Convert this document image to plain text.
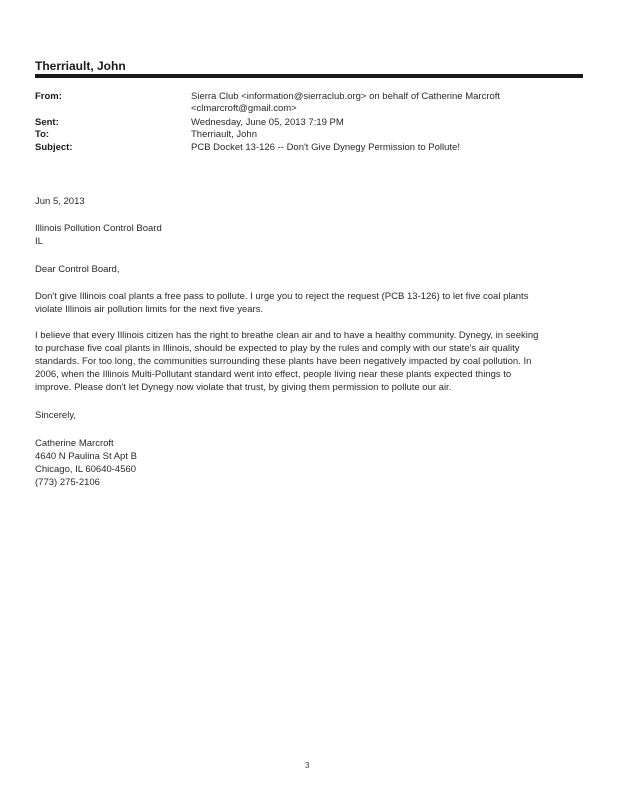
Therriault, John
From:	Sierra Club <information@sierraclub.org> on behalf of Catherine Marcroft
<clmarcroft@gmail.com>
Sent:	Wednesday, June 05, 2013 7:19 PM
To:	Therriault, John
Subject:	PCB Docket 13-126 -- Don't Give Dynegy Permission to Pollute!
Jun 5, 2013
Illinois Pollution Control Board
IL
Dear Control Board,
Don't give Illinois coal plants a free pass to pollute. I urge you to reject the request (PCB 13-126) to let five coal plants
violate Illinois air pollution limits for the next five years.
I believe that every Illinois citizen has the right to breathe clean air and to have a healthy community. Dynegy, in seeking
to purchase five coal plants in Illinois, should be expected to play by the rules and comply with our state's air quality
standards. For too long, the communities surrounding these plants have been negatively impacted by coal pollution. In
2006, when the Illinois Multi-Pollutant standard went into effect, people living near these plants expected things to
improve. Please don't let Dynegy now violate that trust, by giving them permission to pollute our air.
Sincerely,
Catherine Marcroft
4640 N Paulina St Apt B
Chicago, IL 60640-4560
(773) 275-2106
3
